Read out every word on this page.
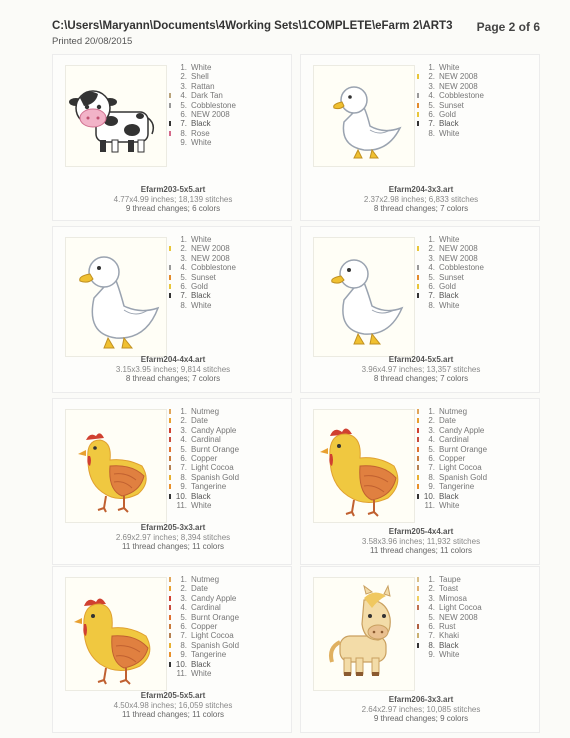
C:\Users\Maryann\Documents\4Working Sets\1COMPLETE\eFarm 2\ART3 Page 2 of 6
Printed 20/08/2015
1. White
2. Shell
3. Rattan
4. Dark Tan
5. Cobblestone
6. NEW 2008
7. Black
8. Rose
9. White
Efarm203-5x5.art
4.77x4.99 inches; 18,139 stitches
9 thread changes; 6 colors
1. White
2. NEW 2008
3. NEW 2008
4. Cobblestone
5. Sunset
6. Gold
7. Black
8. White
Efarm204-3x3.art
2.37x2.98 inches; 6,833 stitches
8 thread changes; 7 colors
1. White
2. NEW 2008
3. NEW 2008
4. Cobblestone
5. Sunset
6. Gold
7. Black
8. White
Efarm204-4x4.art
3.15x3.95 inches; 9,814 stitches
8 thread changes; 7 colors
1. White
2. NEW 2008
3. NEW 2008
4. Cobblestone
5. Sunset
6. Gold
7. Black
8. White
Efarm204-5x5.art
3.96x4.97 inches; 13,357 stitches
8 thread changes; 7 colors
1. Nutmeg
2. Date
3. Candy Apple
4. Cardinal
5. Burnt Orange
6. Copper
7. Light Cocoa
8. Spanish Gold
9. Tangerine
10. Black
11. White
Efarm205-3x3.art
2.69x2.97 inches; 8,394 stitches
11 thread changes; 11 colors
1. Nutmeg
2. Date
3. Candy Apple
4. Cardinal
5. Burnt Orange
6. Copper
7. Light Cocoa
8. Spanish Gold
9. Tangerine
10. Black
11. White
Efarm205-4x4.art
3.58x3.96 inches; 11,932 stitches
11 thread changes; 11 colors
1. Nutmeg
2. Date
3. Candy Apple
4. Cardinal
5. Burnt Orange
6. Copper
7. Light Cocoa
8. Spanish Gold
9. Tangerine
10. Black
11. White
Efarm205-5x5.art
4.50x4.98 inches; 16,059 stitches
11 thread changes; 11 colors
1. Taupe
2. Toast
3. Mimosa
4. Light Cocoa
5. NEW 2008
6. Rust
7. Khaki
8. Black
9. White
Efarm206-3x3.art
2.64x2.97 inches; 10,085 stitches
9 thread changes; 9 colors
